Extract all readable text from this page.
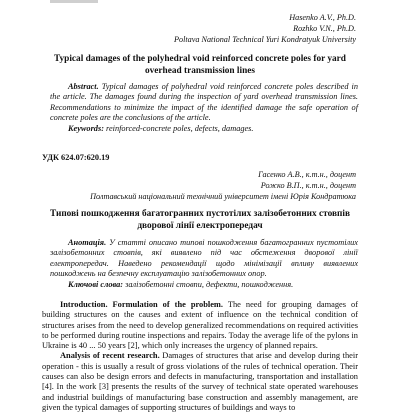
Hasenko A.V., Ph.D.
Rozhko V.N., Ph.D.
Poltava National Technical Yuri Kondratyuk University
Typical damages of the polyhedral void reinforced concrete poles for yard overhead transmission lines
Abstract. Typical damages of polyhedral void reinforced concrete poles described in the article. The damages found during the inspection of yard overhead transmission lines. Recommendations to minimize the impact of the identified damage the safe operation of concrete poles are the conclusions of the article.
Keywords: reinforced-concrete poles, defects, damages.
УДК 624.07:620.19
Гасенко А.В., к.т.н., доцент
Рожко В.П., к.т.н., доцент
Полтавський національний технічний університет імені Юрія Кондратюка
Типові пошкодження багатогранних пустотілих залізобетонних стовпів дворової лінії електропередач
Анотація. У статті описано типові пошкодження багатогранних пустотілих залізобетонних стовпів, які виявлено під час обстеження дворової лінії електропередач. Наведено рекомендації щодо мінімізації впливу виявлених пошкоджень на безпечну експлуатацію залізобетонних опор.
Ключові слова: залізобетонні стовпи, дефекти, пошкодження.
Introduction. Formulation of the problem. The need for grouping damages of building structures on the causes and extent of influence on the technical condition of structures arises from the need to develop generalized recommendations on required activities to be performed during routine inspections and repairs. Today the average life of the pylons in Ukraine is 40 ... 50 years [2], which only increases the urgency of planned repairs.
Analysis of recent research. Damages of structures that arise and develop during their operation - this is usually a result of gross violations of the rules of technical operation. Their causes can also be design errors and defects in manufacturing, transportation and installation [4]. In the work [3] presents the results of the survey of technical state operated warehouses and industrial buildings of manufacturing base construction and assembly management, are given the typical damages of supporting structures of buildings and ways to
